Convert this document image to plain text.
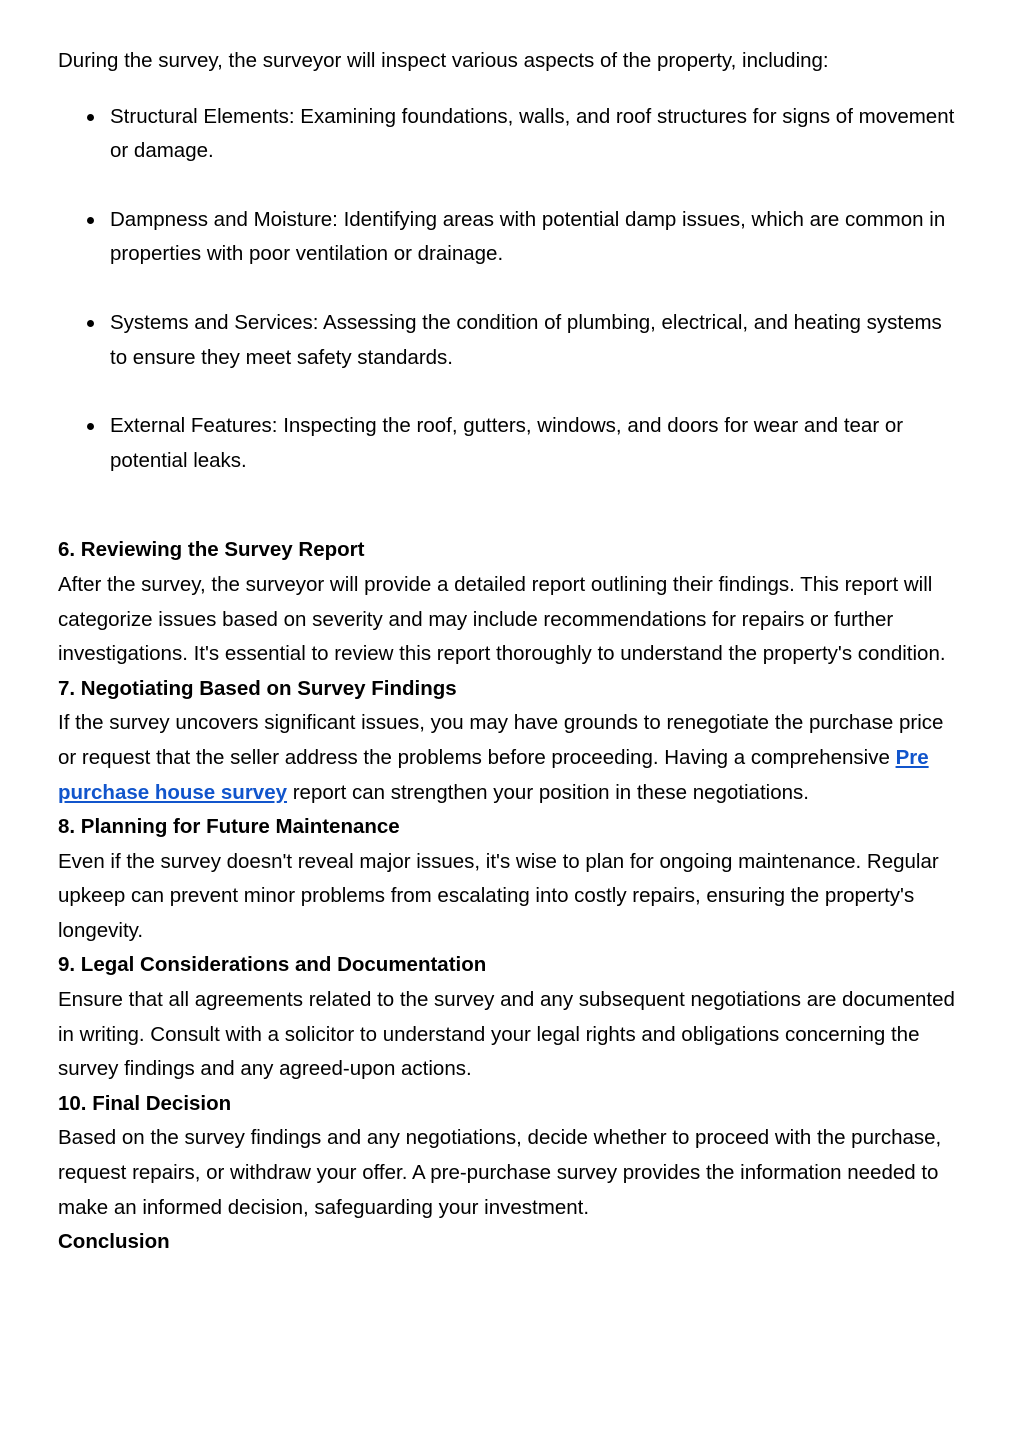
During the survey, the surveyor will inspect various aspects of the property, including:

Structural Elements: Examining foundations, walls, and roof structures for signs of movement or damage.
Dampness and Moisture: Identifying areas with potential damp issues, which are common in properties with poor ventilation or drainage.
Systems and Services: Assessing the condition of plumbing, electrical, and heating systems to ensure they meet safety standards.
External Features: Inspecting the roof, gutters, windows, and doors for wear and tear or potential leaks.
6. Reviewing the Survey Report

After the survey, the surveyor will provide a detailed report outlining their findings. This report will categorize issues based on severity and may include recommendations for repairs or further investigations. It's essential to review this report thoroughly to understand the property's condition.

7. Negotiating Based on Survey Findings

If the survey uncovers significant issues, you may have grounds to renegotiate the purchase price or request that the seller address the problems before proceeding. Having a comprehensive Pre purchase house survey report can strengthen your position in these negotiations.

8. Planning for Future Maintenance

Even if the survey doesn't reveal major issues, it's wise to plan for ongoing maintenance. Regular upkeep can prevent minor problems from escalating into costly repairs, ensuring the property's longevity.

9. Legal Considerations and Documentation

Ensure that all agreements related to the survey and any subsequent negotiations are documented in writing. Consult with a solicitor to understand your legal rights and obligations concerning the survey findings and any agreed-upon actions.

10. Final Decision

Based on the survey findings and any negotiations, decide whether to proceed with the purchase, request repairs, or withdraw your offer. A pre-purchase survey provides the information needed to make an informed decision, safeguarding your investment.

Conclusion
